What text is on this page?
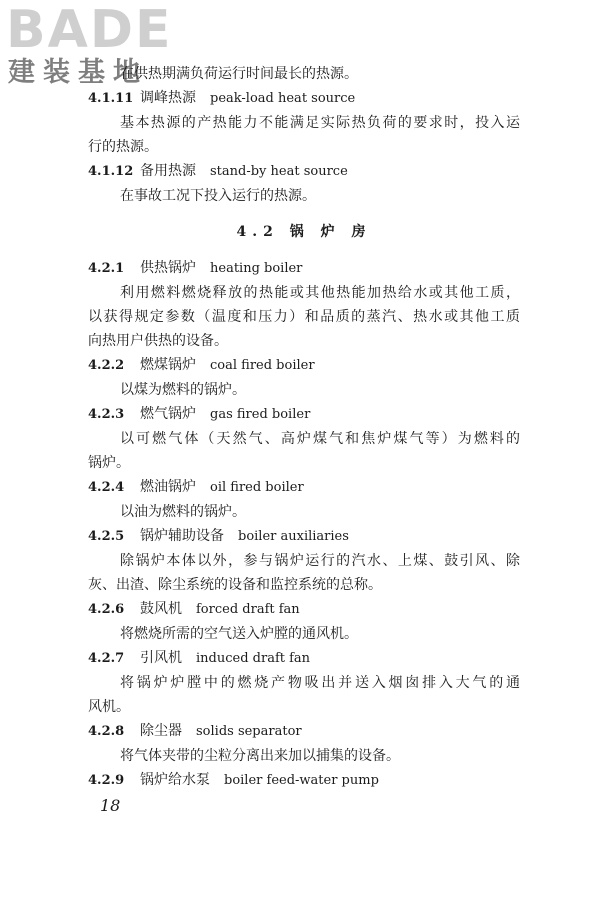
BADE
建装基地
在供热期满负荷运行时间最长的热源。
4.1.11 调峰热源 peak-load heat source
基本热源的产热能力不能满足实际热负荷的要求时，投入运
行的热源。
4.1.12 备用热源 stand-by heat source
在事故工况下投入运行的热源。
4.2 锅 炉 房
4.2.1 供热锅炉 heating boiler
利用燃料燃烧释放的热能或其他热能加热给水或其他工质，
以获得规定参数（温度和压力）和品质的蒸汽、热水或其他工质
向热用户供热的设备。
4.2.2 燃煤锅炉 coal fired boiler
以煤为燃料的锅炉。
4.2.3 燃气锅炉 gas fired boiler
以可燃气体（天然气、高炉煤气和焦炉煤气等）为燃料的
锅炉。
4.2.4 燃油锅炉 oil fired boiler
以油为燃料的锅炉。
4.2.5 锅炉辅助设备 boiler auxiliaries
除锅炉本体以外，参与锅炉运行的汽水、上煤、鼓引风、除
灰、出渣、除尘系统的设备和监控系统的总称。
4.2.6 鼓风机 forced draft fan
将燃烧所需的空气送入炉膛的通风机。
4.2.7 引风机 induced draft fan
将锅炉炉膛中的燃烧产物吸出并送入烟囱排入大气的通
风机。
4.2.8 除尘器 solids separator
将气体夹带的尘粒分离出来加以捕集的设备。
4.2.9 锅炉给水泵 boiler feed-water pump
18
